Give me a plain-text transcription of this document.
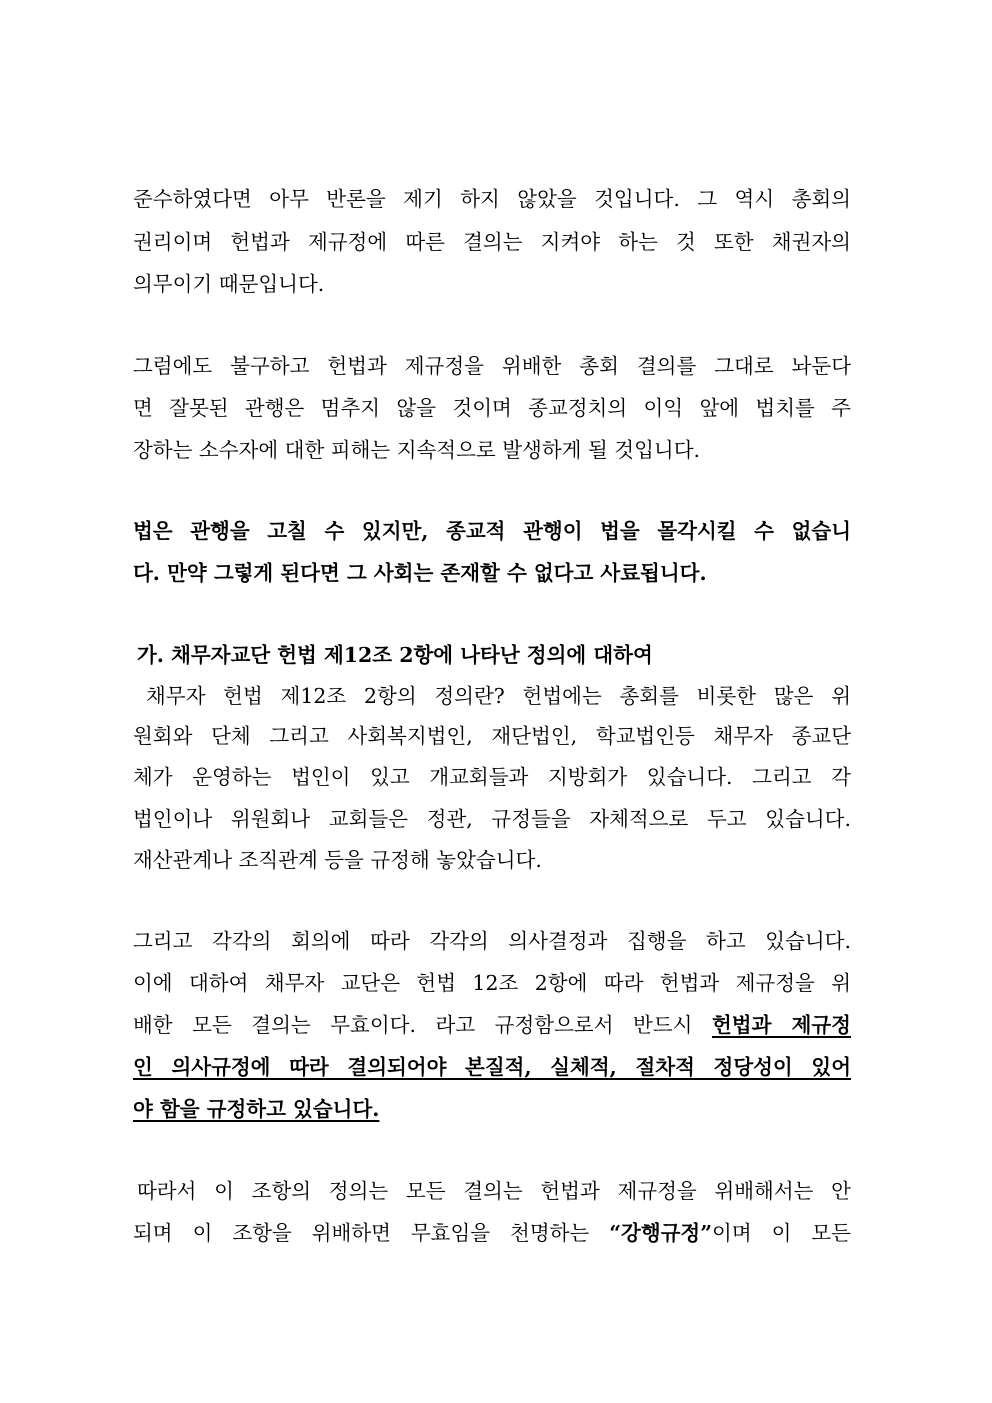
준수하였다면 아무 반론을 제기 하지 않았을 것입니다. 그 역시 총회의
권리이며 헌법과 제규정에 따른 결의는 지켜야 하는 것 또한 채권자의
의무이기 때문입니다.
그럼에도 불구하고 헌법과 제규정을 위배한 총회 결의를 그대로 놔둔다
면 잘못된 관행은 멈추지 않을 것이며 종교정치의 이익 앞에 법치를 주
장하는 소수자에 대한 피해는 지속적으로 발생하게 될 것입니다.
법은 관행을 고칠 수 있지만, 종교적 관행이 법을 몰각시킬 수 없습니
다. 만약 그렇게 된다면 그 사회는 존재할 수 없다고 사료됩니다.
가. 채무자교단 헌법 제12조 2항에 나타난 정의에 대하여
채무자 헌법 제12조 2항의 정의란? 헌법에는 총회를 비롯한 많은 위
원회와 단체 그리고 사회복지법인, 재단법인, 학교법인등 채무자 종교단
체가 운영하는 법인이 있고 개교회들과 지방회가 있습니다. 그리고 각
법인이나 위원회나 교회들은 정관, 규정들을 자체적으로 두고 있습니다.
재산관계나 조직관계 등을 규정해 놓았습니다.
그리고 각각의 회의에 따라 각각의 의사결정과 집행을 하고 있습니다.
이에 대하여 채무자 교단은 헌법 12조 2항에 따라 헌법과 제규정을 위
배한 모든 결의는 무효이다. 라고 규정함으로서 반드시 헌법과 제규정
인 의사규정에 따라 결의되어야 본질적, 실체적, 절차적 정당성이 있어
야 함을 규정하고 있습니다.
따라서 이 조항의 정의는 모든 결의는 헌법과 제규정을 위배해서는 안
되며 이 조항을 위배하면 무효임을 천명하는 “강행규정”이며 이 모든
